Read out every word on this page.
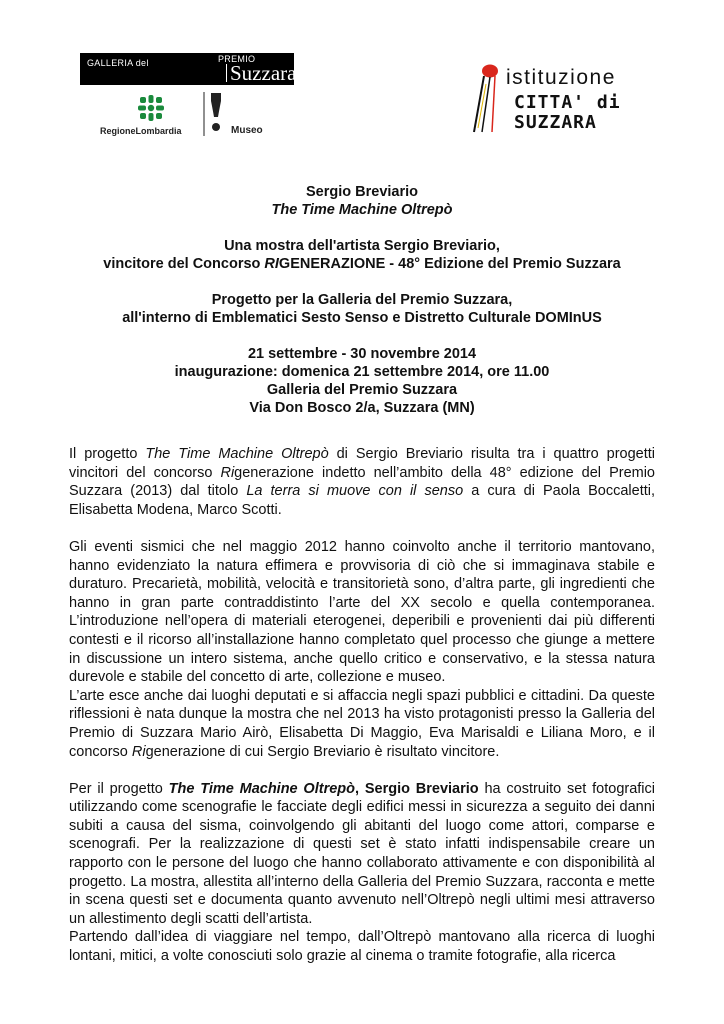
GALLERIA del	PREMIO
Suzzara
RegioneLombardia	Museo
istituzione
CITTA' di
SUZZARA

Sergio Breviario

The Time Machine Oltrepò

Una mostra dell'artista Sergio Breviario,

vincitore del Concorso RIGENERAZIONE - 48° Edizione del Premio Suzzara

Progetto per la Galleria del Premio Suzzara,

all'interno di Emblematici Sesto Senso e Distretto Culturale DOMInUS

21 settembre - 30 novembre 2014

inaugurazione: domenica 21 settembre 2014, ore 11.00

Galleria del Premio Suzzara

Via Don Bosco 2/a, Suzzara (MN)

Il progetto The Time Machine Oltrepò di Sergio Breviario risulta tra i quattro progetti vincitori del concorso Rigenerazione indetto nell’ambito della 48° edizione del Premio Suzzara (2013) dal titolo La terra si muove con il senso a cura di Paola Boccaletti, Elisabetta Modena, Marco Scotti.

Gli eventi sismici che nel maggio 2012 hanno coinvolto anche il territorio mantovano, hanno evidenziato la natura effimera e provvisoria di ciò che si immaginava stabile e duraturo. Precarietà, mobilità, velocità e transitorietà sono, d’altra parte, gli ingredienti che hanno in gran parte contraddistinto l’arte del XX secolo e quella contemporanea. L’introduzione nell’opera di materiali eterogenei, deperibili e provenienti dai più differenti contesti e il ricorso all’installazione hanno completato quel processo che giunge a mettere in discussione un intero sistema, anche quello critico e conservativo, e la stessa natura durevole e stabile del concetto di arte, collezione e museo.

L’arte esce anche dai luoghi deputati e si affaccia negli spazi pubblici e cittadini. Da queste riflessioni è nata dunque la mostra che nel 2013 ha visto protagonisti presso la Galleria del Premio di Suzzara Mario Airò, Elisabetta Di Maggio, Eva Marisaldi e Liliana Moro, e il concorso Rigenerazione di cui Sergio Breviario è risultato vincitore.

Per il progetto The Time Machine Oltrepò, Sergio Breviario ha costruito set fotografici utilizzando come scenografie le facciate degli edifici messi in sicurezza a seguito dei danni subiti a causa del sisma, coinvolgendo gli abitanti del luogo come attori, comparse e scenografi. Per la realizzazione di questi set è stato infatti indispensabile creare un rapporto con le persone del luogo che hanno collaborato attivamente e con disponibilità al progetto. La mostra, allestita all’interno della Galleria del Premio Suzzara, racconta e mette in scena questi set e documenta quanto avvenuto nell’Oltrepò negli ultimi mesi attraverso un allestimento degli scatti dell’artista.

Partendo dall’idea di viaggiare nel tempo, dall’Oltrepò mantovano alla ricerca di luoghi lontani, mitici, a volte conosciuti solo grazie al cinema o tramite fotografie, alla ricerca
